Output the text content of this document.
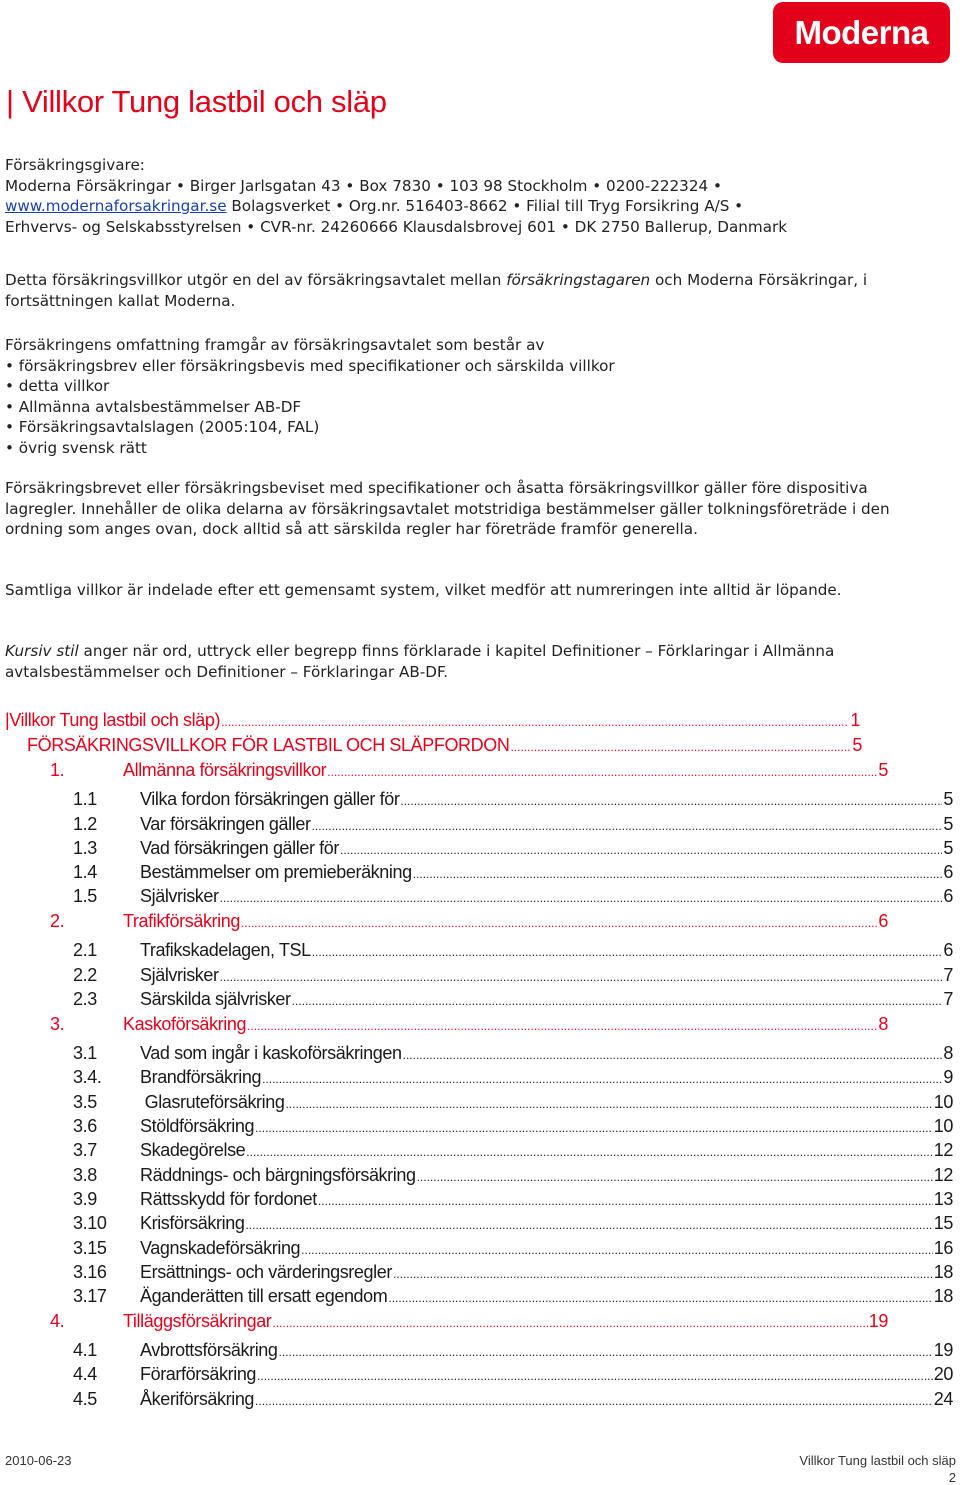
Moderna
| Villkor Tung lastbil och släp

Försäkringsgivare:

Moderna Försäkringar • Birger Jarlsgatan 43 • Box 7830 • 103 98 Stockholm • 0200-222324 •

www.modernaforsakringar.se Bolagsverket • Org.nr. 516403-8662 • Filial till Tryg Forsikring A/S •

Erhvervs- og Selskabsstyrelsen • CVR-nr. 24260666 Klausdalsbrovej 601 • DK 2750 Ballerup, Danmark

Detta försäkringsvillkor utgör en del av försäkringsavtalet mellan försäkringstagaren och Moderna Försäkringar, i fortsättningen kallat Moderna.

Försäkringens omfattning framgår av försäkringsavtalet som består av

• försäkringsbrev eller försäkringsbevis med specifikationer och särskilda villkor

• detta villkor

• Allmänna avtalsbestämmelser AB-DF

• Försäkringsavtalslagen (2005:104, FAL)

• övrig svensk rätt

Försäkringsbrevet eller försäkringsbeviset med specifikationer och åsatta försäkringsvillkor gäller före dispositiva lagregler. Innehåller de olika delarna av försäkringsavtalet motstridiga bestämmelser gäller tolkningsföreträde i den ordning som anges ovan, dock alltid så att särskilda regler har företräde framför generella.

Samtliga villkor är indelade efter ett gemensamt system, vilket medför att numreringen inte alltid är löpande.

Kursiv stil anger när ord, uttryck eller begrepp finns förklarade i kapitel Definitioner – Förklaringar i Allmänna avtalsbestämmelser och Definitioner – Förklaringar AB-DF.

|Villkor Tung lastbil och släp) .....	1
FÖRSÄKRINGSVILLKOR FÖR LASTBIL OCH SLÄPFORDON .....	5
1.	Allmänna försäkringsvillkor .....	5
1.1	Vilka fordon försäkringen gäller för .....	5
1.2	Var försäkringen gäller .....	5
1.3	Vad försäkringen gäller för .....	5
1.4	Bestämmelser om premieberäkning .....	6
1.5	Självrisker .....	6
2.	Trafikförsäkring .....	6
2.1	Trafikskadelagen, TSL .....	6
2.2	Självrisker .....	7
2.3	Särskilda självrisker .....	7
3.	Kaskoförsäkring .....	8
3.1	Vad som ingår i kaskoförsäkringen .....	8
3.4.	Brandförsäkring .....	9
3.5	Glasruteförsäkring .....	10
3.6	Stöldförsäkring .....	10
3.7	Skadegörelse .....	12
3.8	Räddnings- och bärgningsförsäkring .....	12
3.9	Rättsskydd för fordonet .....	13
3.10	Krisförsäkring .....	15
3.15	Vagnskadeförsäkring .....	16
3.16	Ersättnings- och värderingsregler .....	18
3.17	Äganderätten till ersatt egendom .....	18
4.	Tilläggsförsäkringar .....	19
4.1	Avbrottsförsäkring .....	19
4.4	Förarförsäkring .....	20
4.5	Åkeriförsäkring .....	24
2010-06-23	Villkor Tung lastbil och släp
2
